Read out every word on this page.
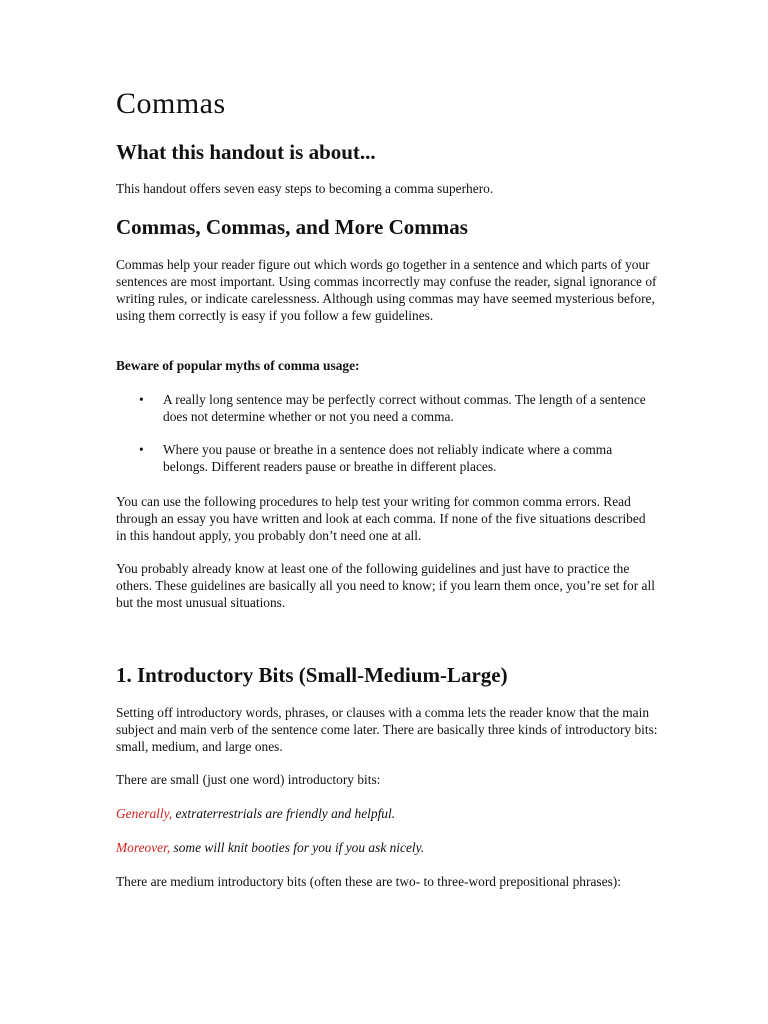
Commas
What this handout is about...

This handout offers seven easy steps to becoming a comma superhero.

Commas, Commas, and More Commas

Commas help your reader figure out which words go together in a sentence and which parts of your sentences are most important. Using commas incorrectly may confuse the reader, signal ignorance of writing rules, or indicate carelessness. Although using commas may have seemed mysterious before, using them correctly is easy if you follow a few guidelines.

Beware of popular myths of comma usage:

• A really long sentence may be perfectly correct without commas. The length of a sentence does not determine whether or not you need a comma.
• Where you pause or breathe in a sentence does not reliably indicate where a comma belongs. Different readers pause or breathe in different places.

You can use the following procedures to help test your writing for common comma errors. Read through an essay you have written and look at each comma. If none of the five situations described in this handout apply, you probably don’t need one at all.

You probably already know at least one of the following guidelines and just have to practice the others. These guidelines are basically all you need to know; if you learn them once, you’re set for all but the most unusual situations.

1. Introductory Bits (Small-Medium-Large)

Setting off introductory words, phrases, or clauses with a comma lets the reader know that the main subject and main verb of the sentence come later. There are basically three kinds of introductory bits: small, medium, and large ones.

There are small (just one word) introductory bits:

Generally, extraterrestrials are friendly and helpful.

Moreover, some will knit booties for you if you ask nicely.

There are medium introductory bits (often these are two- to three-word prepositional phrases):
